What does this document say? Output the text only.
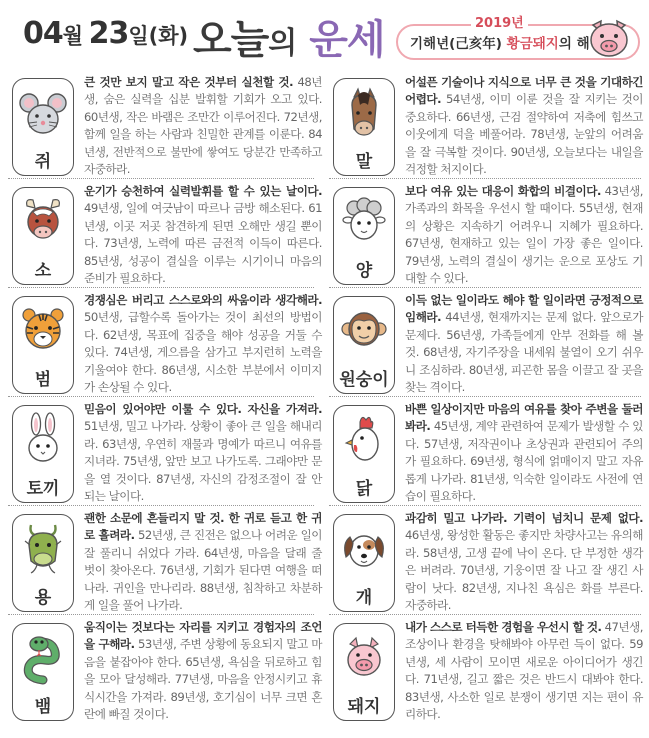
04월 23일(화) 오늘의 운세	2019년
기해년(己亥年) 황금돼지의 해
쥐
큰 것만 보지 말고 작은 것부터 실천할 것. 48년생, 숨은 실력을 십분 발휘할 기회가 오고 있다. 60년생, 작은 바램은 조만간 이루어진다. 72년생, 함께 일을 하는 사람과 친밀한 관계를 이룬다. 84년생, 전반적으로 불만에 쌓여도 당분간 만족하고 자중하라.	말
어설픈 기술이나 지식으로 너무 큰 것을 기대하긴 어렵다. 54년생, 이미 이룬 것을 잘 지키는 것이 중요하다. 66년생, 근검 절약하여 저축에 힘쓰고 이웃에게 덕을 베풀어라. 78년생, 눈앞의 어려움을 잘 극복할 것이다. 90년생, 오늘보다는 내일을 걱정할 처지이다.
소
운기가 승천하여 실력발휘를 할 수 있는 날이다. 49년생, 일에 여긋남이 따르나 금방 해소된다. 61년생, 이곳 저곳 참견하게 된면 오해만 생길 뿐이다. 73년생, 노력에 따른 금전적 이득이 따른다. 85년생, 성공이 결실을 이루는 시기이니 마음의 준비가 필요하다.	양
보다 여유 있는 대응이 화합의 비결이다. 43년생, 가족과의 화목을 우선시 할 때이다. 55년생, 현재의 상황은 지속하기 어려우니 지혜가 필요하다. 67년생, 현재하고 있는 일이 가장 좋은 일이다. 79년생, 노력의 결실이 생기는 운으로 포상도 기대할 수 있다.
범
경쟁심은 버리고 스스로와의 싸움이라 생각해라. 50년생, 급할수록 돌아가는 것이 최선의 방법이다. 62년생, 목표에 집중을 해야 성공을 거둘 수 있다. 74년생, 게으름을 삼가고 부지런히 노력을 기울여야 한다. 86년생, 시소한 부분에서 이미지가 손상될 수 있다.	원숭이
이득 없는 일이라도 해야 할 일이라면 긍정적으로 임해라. 44년생, 현재까지는 문제 없다. 앞으로가 문제다. 56년생, 가족들에게 안부 전화를 해 볼 것. 68년생, 자기주장을 내세워 불열이 오기 쉬우니 조심하라. 80년생, 피곤한 몸을 이끌고 잘 곳을 찾는 격이다.
토끼
믿음이 있어야만 이룰 수 있다. 자신을 가져라. 51년생, 밀고 나가라. 상황이 좋아 큰 일을 해내리라. 63년생, 우연히 재물과 명예가 따르니 여유를 지녀라. 75년생, 앞만 보고 나가도록. 그래야만 문을 열 것이다. 87년생, 자신의 감정조절이 잘 안 되는 날이다.	닭
바쁜 일상이지만 마음의 여유를 찾아 주변을 둘러 봐라. 45년생, 계약 관련하여 문제가 발생할 수 있다. 57년생, 저작권이나 초상권과 관련되어 주의가 필요하다. 69년생, 형식에 얽매이지 말고 자유롭게 나가라. 81년생, 익숙한 일이라도 사전에 연습이 필요하다.
용
괜한 소문에 흔들리지 말 것. 한 귀로 듣고 한 귀로 흘려라. 52년생, 큰 진전은 없으나 어려운 일이 잘 풀리니 쉬었다 가라. 64년생, 마음을 달래 줄 벗이 찾아온다. 76년생, 기회가 된다면 여행을 떠나라. 귀인을 만나리라. 88년생, 침착하고 차분하게 일을 풀어 나가라.	개
과감히 밀고 나가라. 기력이 넘치니 문제 없다. 46년생, 왕성한 활동은 좋지만 차량사고는 유의해라. 58년생, 고생 끝에 낙이 온다. 단 부정한 생각은 버려라. 70년생, 기웅이면 잘 나고 잘 생긴 사람이 낫다. 82년생, 지나친 욕심은 화를 부른다. 자중하라.
뱀
움직이는 것보다는 자리를 지키고 경험자의 조언을 구해라. 53년생, 주변 상황에 동요되지 말고 마음을 붙잡아야 한다. 65년생, 욕심을 뒤로하고 힘을 모아 달성해라. 77년생, 마음을 안정시키고 휴식시간을 가져라. 89년생, 호기심이 너무 크면 혼란에 빠질 것이다.	돼지
내가 스스로 터득한 경험을 우선시 할 것. 47년생, 조상이나 환경을 탓해봐야 아무런 득이 없다. 59년생, 세 사람이 모이면 새로운 아이디어가 생긴다. 71년생, 길고 짧은 것은 반드시 대봐야 한다. 83년생, 사소한 일로 분쟁이 생기면 지는 편이 유리하다.
